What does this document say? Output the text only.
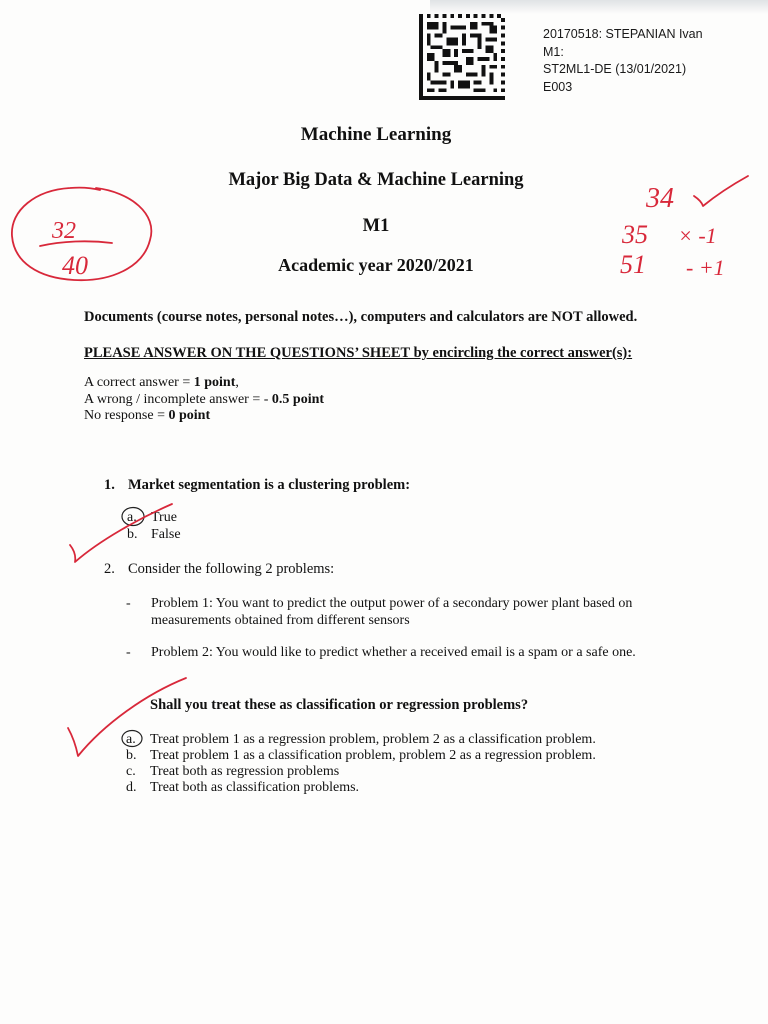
20170518: STEPANIAN Ivan
M1:
ST2ML1-DE (13/01/2021)
E003
Machine Learning
Major Big Data & Machine Learning
M1
Academic year 2020/2021
Documents (course notes, personal notes…), computers and calculators are NOT allowed.
PLEASE ANSWER ON THE QUESTIONS’ SHEET by encircling the correct answer(s):
A correct answer = 1 point,
A wrong / incomplete answer = - 0.5 point
No response = 0 point
1. Market segmentation is a clustering problem:
a. True
b. False
2. Consider the following 2 problems:
- Problem 1: You want to predict the output power of a secondary power plant based on measurements obtained from different sensors
- Problem 2: You would like to predict whether a received email is a spam or a safe one.
Shall you treat these as classification or regression problems?
a. Treat problem 1 as a regression problem, problem 2 as a classification problem.
b. Treat problem 1 as a classification problem, problem 2 as a regression problem.
c. Treat both as regression problems
d. Treat both as classification problems.
32
40
34
35 × -1
51 - +1
